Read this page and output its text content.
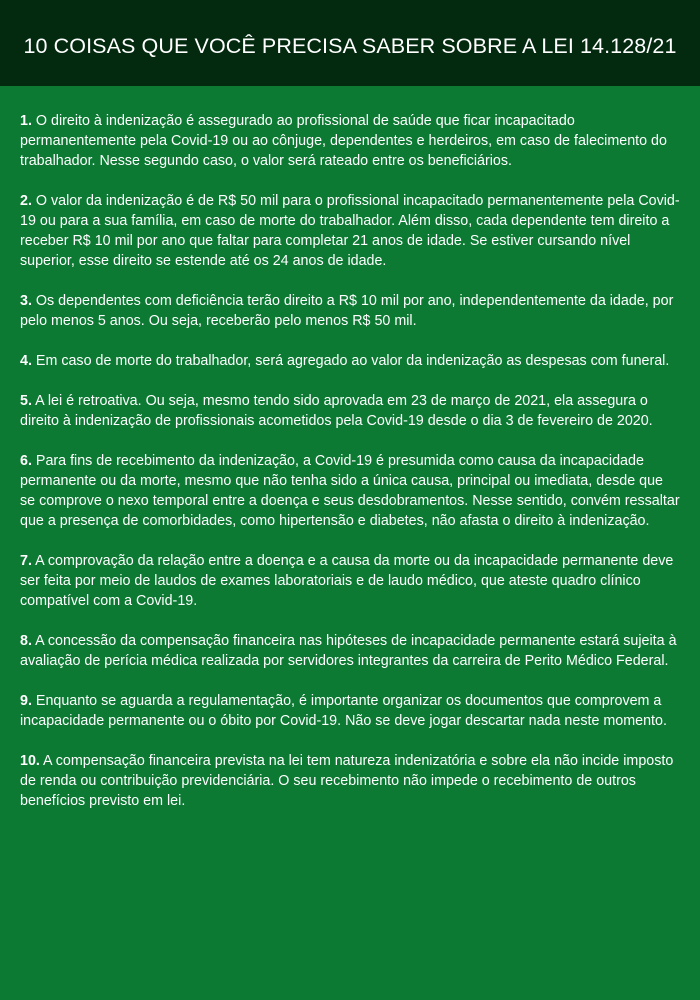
10 COISAS QUE VOCÊ PRECISA SABER SOBRE A LEI 14.128/21

1. O direito à indenização é assegurado ao profissional de saúde que ficar incapacitado permanentemente pela Covid-19 ou ao cônjuge, dependentes e herdeiros, em caso de falecimento do trabalhador. Nesse segundo caso, o valor será rateado entre os beneficiários.

2. O valor da indenização é de R$ 50 mil para o profissional incapacitado permanentemente pela Covid-19 ou para a sua família, em caso de morte do trabalhador. Além disso, cada dependente tem direito a receber R$ 10 mil por ano que faltar para completar 21 anos de idade. Se estiver cursando nível superior, esse direito se estende até os 24 anos de idade.

3. Os dependentes com deficiência terão direito a R$ 10 mil por ano, independentemente da idade, por pelo menos 5 anos. Ou seja, receberão pelo menos R$ 50 mil.

4. Em caso de morte do trabalhador, será agregado ao valor da indenização as despesas com funeral.

5. A lei é retroativa. Ou seja, mesmo tendo sido aprovada em 23 de março de 2021, ela assegura o direito à indenização de profissionais acometidos pela Covid-19 desde o dia 3 de fevereiro de 2020.

6. Para fins de recebimento da indenização, a Covid-19 é presumida como causa da incapacidade permanente ou da morte, mesmo que não tenha sido a única causa, principal ou imediata, desde que se comprove o nexo temporal entre a doença e seus desdobramentos. Nesse sentido, convém ressaltar que a presença de comorbidades, como hipertensão e diabetes, não afasta o direito à indenização.

7. A comprovação da relação entre a doença e a causa da morte ou da incapacidade permanente deve ser feita por meio de laudos de exames laboratoriais e de laudo médico, que ateste quadro clínico compatível com a Covid-19.

8. A concessão da compensação financeira nas hipóteses de incapacidade permanente estará sujeita à avaliação de perícia médica realizada por servidores integrantes da carreira de Perito Médico Federal.

9. Enquanto se aguarda a regulamentação, é importante organizar os documentos que comprovem a incapacidade permanente ou o óbito por Covid-19. Não se deve jogar descartar nada neste momento.

10. A compensação financeira prevista na lei tem natureza indenizatória e sobre ela não incide imposto de renda ou contribuição previdenciária. O seu recebimento não impede o recebimento de outros benefícios previsto em lei.
